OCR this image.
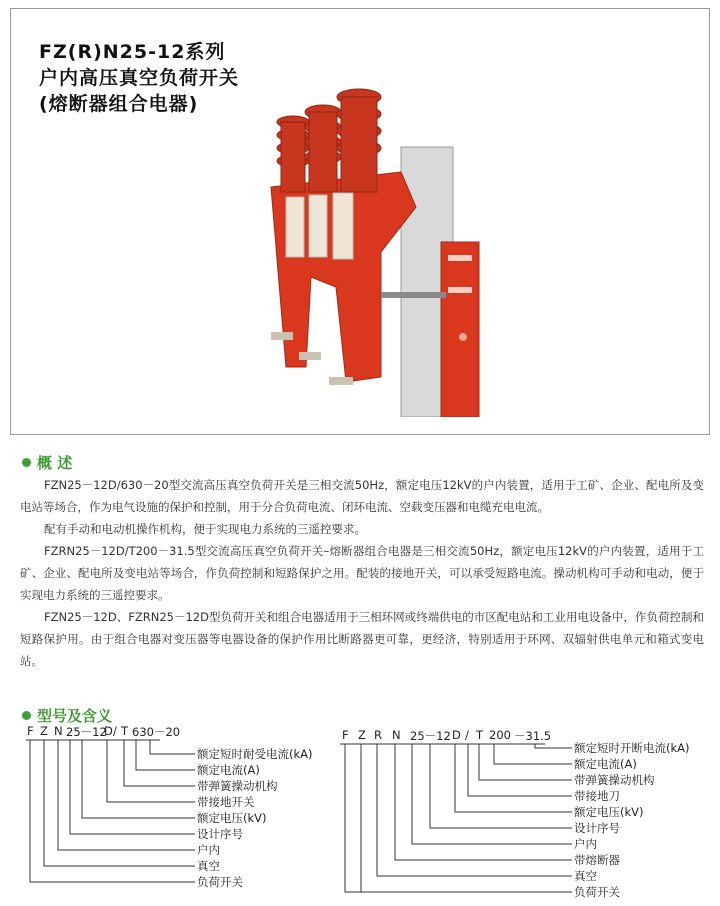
FZ(R)N25-12系列
户内高压真空负荷开关
(熔断器组合电器)
概 述

FZN25－12D/630－20型交流高压真空负荷开关是三相交流50Hz，额定电压12kV的户内装置，适用于工矿、企业、配电所及变电站等场合，作为电气设施的保护和控制，用于分合负荷电流、闭环电流、空载变压器和电缆充电电流。

配有手动和电动机操作机构，便于实现电力系统的三遥控要求。

FZRN25－12D/T200－31.5型交流高压真空负荷开关–熔断器组合电器是三相交流50Hz，额定电压12kV的户内装置，适用于工矿、企业、配电所及变电站等场合，作负荷控制和短路保护之用。配装的接地开关，可以承受短路电流。操动机构可手动和电动，便于实现电力系统的三遥控要求。

FZN25－12D、FZRN25－12D型负荷开关和组合电器适用于三相环网或终端供电的市区配电站和工业用电设备中，作负荷控制和短路保护用。由于组合电器对变压器等电器设备的保护作用比断路器更可靠，更经济，特别适用于环网、双辐射供电单元和箱式变电站。

型号及含义
F Z N 25－12
D / T 630－20
额定短时耐受电流(kA)
额定电流(A)
带弹簧操动机构
带接地开关
额定电压(kV)
设计序号
户内
真空
负荷开关
F Z R N 25－12 D / T 200 －31.5
额定短时开断电流(kA)
额定电流(A)
带弹簧操动机构
带接地刀
额定电压(kV)
设计序号
户内
带熔断器
真空
负荷开关
